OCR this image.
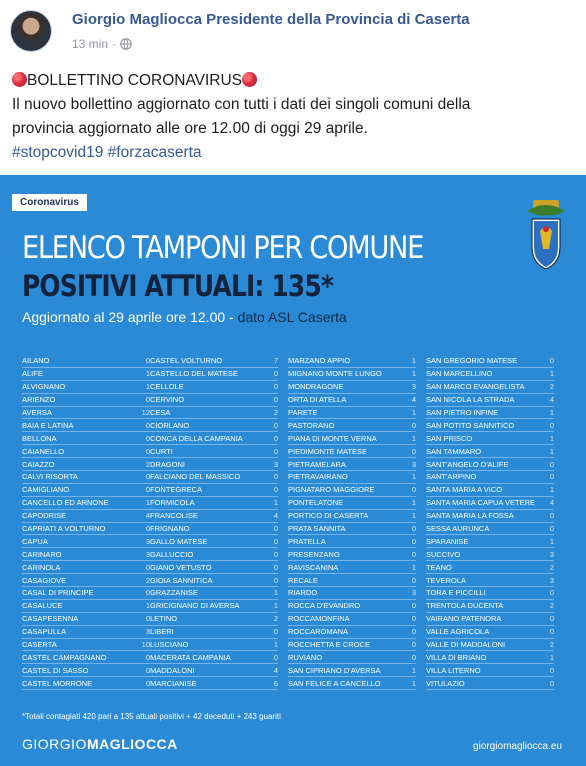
Giorgio Magliocca Presidente della Provincia di Caserta
13 min ·
BOLLETTINO CORONAVIRUS
Il nuovo bollettino aggiornato con tutti i dati dei singoli comuni della
provincia aggiornato alle ore 12.00 di oggi 29 aprile.
#stopcovid19 #forzacaserta
Coronavirus
ELENCO TAMPONI PER COMUNE
POSITIVI ATTUALI: 135*
Aggiornato al 29 aprile ore 12.00 - dato ASL Caserta
AILANO	0
ALIFE	1
ALVIGNANO	1
ARIENZO	0
AVERSA	12
BAIA E LATINA	0
BELLONA	0
CAIANELLO	0
CAIAZZO	2
CALVI RISORTA	0
CAMIGLIANO	0
CANCELLO ED ARNONE	1
CAPODRISE	4
CAPRIATI A VOLTURNO	0
CAPUA	3
CARINARO	3
CARINOLA	0
CASAGIOVE	2
CASAL DI PRINCIPE	0
CASALUCE	1
CASAPESENNA	0
CASAPULLA	3
CASERTA	10
CASTEL CAMPAGNANO	0
CASTEL DI SASSO	0
CASTEL MORRONE	0
CASTEL VOLTURNO	7
CASTELLO DEL MATESE	0
CELLOLE	0
CERVINO	0
CESA	2
CIORLANO	0
CONCA DELLA CAMPANIA	0
CURTI	0
DRAGONI	3
FALCIANO DEL MASSICO	0
FONTEGRECA	0
FORMICOLA	1
FRANCOLISE	4
FRIGNANO	0
GALLO MATESE	0
GALLUCCIO	0
GIANO VETUSTO	0
GIOIA SANNITICA	0
GRAZZANISE	1
GRICIGNANO DI AVERSA	1
LETINO	2
LIBERI	0
LUSCIANO	1
MACERATA CAMPANIA	0
MADDALONI	4
MARCIANISE	6
MARZANO APPIO	1
MIGNANO MONTE LUNGO	1
MONDRAGONE	3
ORTA DI ATELLA	4
PARETE	1
PASTORANO	0
PIANA DI MONTE VERNA	1
PIEDIMONTE MATESE	0
PIETRAMELARA	3
PIETRAVAIRANO	1
PIGNATARO MAGGIORE	0
PONTELATONE	1
PORTICO DI CASERTA	1
PRATA SANNITA	0
PRATELLA	0
PRESENZANO	0
RAVISCANINA	1
RECALE	0
RIARDO	3
ROCCA D'EVANDRO	0
ROCCAMONFINA	0
ROCCAROMANA	0
ROCCHETTA E CROCE	0
RUVIANO	0
SAN CIPRIANO D'AVERSA	1
SAN FELICE A CANCELLO	1
SAN GREGORIO MATESE	0
SAN MARCELLINO	1
SAN MARCO EVANGELISTA	2
SAN NICOLA LA STRADA	4
SAN PIETRO INFINE	1
SAN POTITO SANNITICO	0
SAN PRISCO	1
SAN TAMMARO	1
SANT'ANGELO D'ALIFE	0
SANT'ARPINO	0
SANTA MARIA A VICO	1
SANTA MARIA CAPUA VETERE 4
SANTA MARIA LA FOSSA	0
SESSA AURUNCA	0
SPARANISE	1
SUCCIVO	3
TEANO	2
TEVEROLA	3
TORA E PICCILLI	0
TRENTOLA DUCENTA	2
VAIRANO PATENORA	0
VALLE AGRICOLA	0
VALLE DI MADDALONI	2
VILLA DI BRIANO	1
VILLA LITERNO	0
VITULAZIO	0
*Totali contagiati 420 pari a 135 attuali positivi + 42 deceduti + 243 guariti
GIORGIOMAGLIOCCA	giorgiomagliocca.eu
